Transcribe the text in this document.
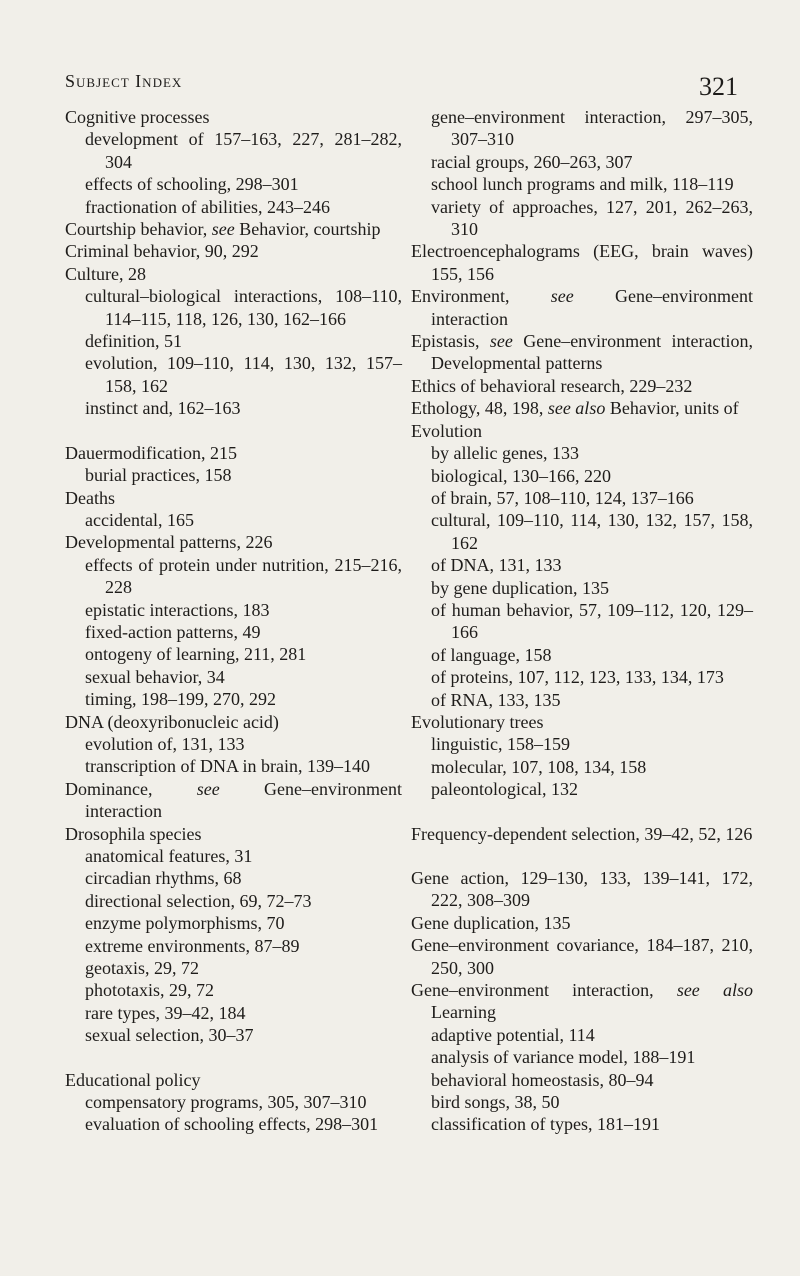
Subject Index	321
Cognitive processes
development of 157–163, 227, 281–282, 304
effects of schooling, 298–301
fractionation of abilities, 243–246
Courtship behavior, see Behavior, courtship
Criminal behavior, 90, 292
Culture, 28
cultural–biological interactions, 108–110, 114–115, 118, 126, 130, 162–166
definition, 51
evolution, 109–110, 114, 130, 132, 157–158, 162
instinct and, 162–163
Dauermodification, 215
burial practices, 158
Deaths
accidental, 165
Developmental patterns, 226
effects of protein under nutrition, 215–216, 228
epistatic interactions, 183
fixed-action patterns, 49
ontogeny of learning, 211, 281
sexual behavior, 34
timing, 198–199, 270, 292
DNA (deoxyribonucleic acid)
evolution of, 131, 133
transcription of DNA in brain, 139–140
Dominance, see Gene–environment interaction
Drosophila species
anatomical features, 31
circadian rhythms, 68
directional selection, 69, 72–73
enzyme polymorphisms, 70
extreme environments, 87–89
geotaxis, 29, 72
phototaxis, 29, 72
rare types, 39–42, 184
sexual selection, 30–37
Educational policy
compensatory programs, 305, 307–310
evaluation of schooling effects, 298–301
gene–environment interaction, 297–305, 307–310
racial groups, 260–263, 307
school lunch programs and milk, 118–119
variety of approaches, 127, 201, 262–263, 310
Electroencephalograms (EEG, brain waves) 155, 156
Environment, see Gene–environment interaction
Epistasis, see Gene–environment interaction, Developmental patterns
Ethics of behavioral research, 229–232
Ethology, 48, 198, see also Behavior, units of
Evolution
by allelic genes, 133
biological, 130–166, 220
of brain, 57, 108–110, 124, 137–166
cultural, 109–110, 114, 130, 132, 157, 158, 162
of DNA, 131, 133
by gene duplication, 135
of human behavior, 57, 109–112, 120, 129–166
of language, 158
of proteins, 107, 112, 123, 133, 134, 173
of RNA, 133, 135
Evolutionary trees
linguistic, 158–159
molecular, 107, 108, 134, 158
paleontological, 132
Frequency-dependent selection, 39–42, 52, 126
Gene action, 129–130, 133, 139–141, 172, 222, 308–309
Gene duplication, 135
Gene–environment covariance, 184–187, 210, 250, 300
Gene–environment interaction, see also Learning
adaptive potential, 114
analysis of variance model, 188–191
behavioral homeostasis, 80–94
bird songs, 38, 50
classification of types, 181–191
